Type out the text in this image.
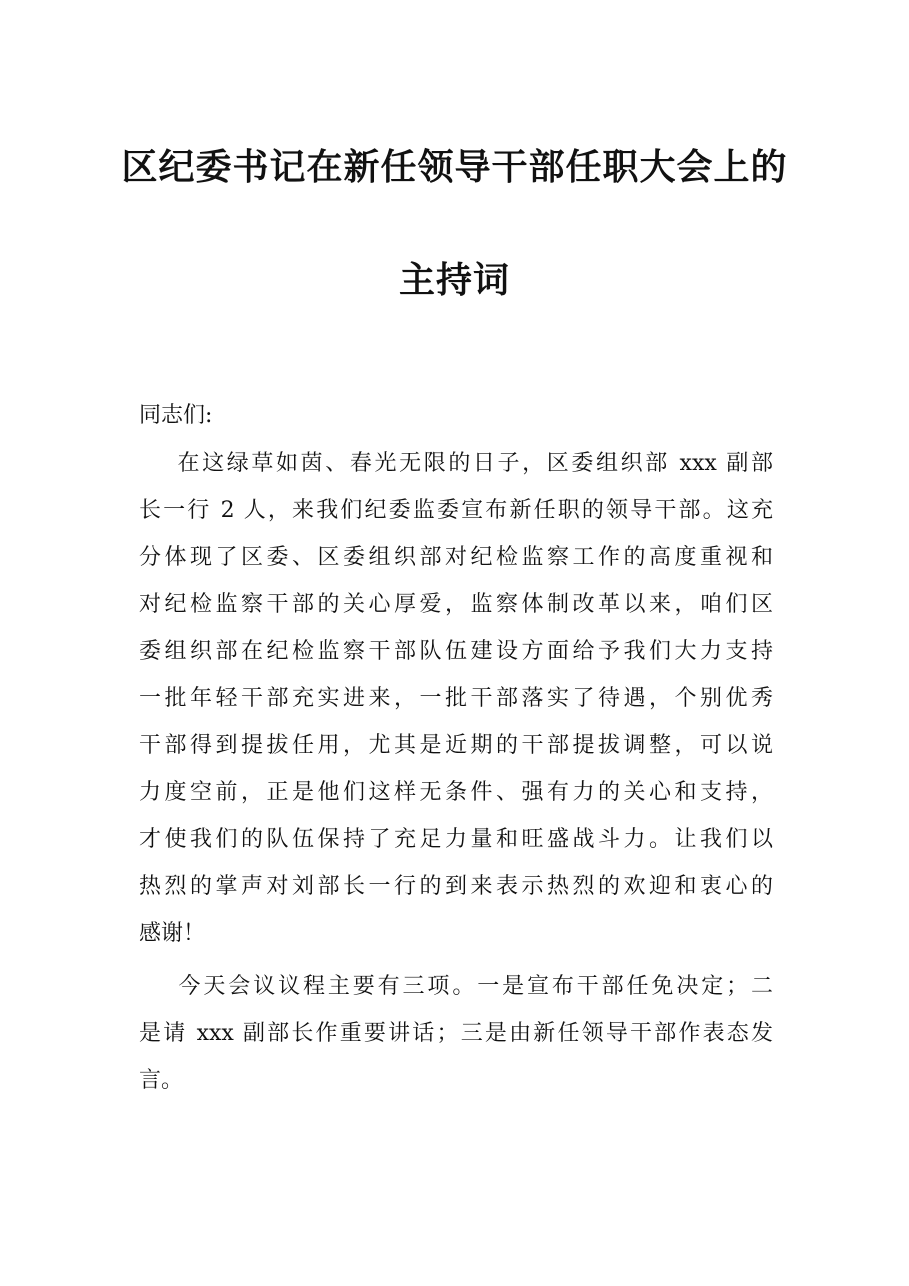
区纪委书记在新任领导干部任职大会上的
主持词
同志们:
在这绿草如茵、春光无限的日子，区委组织部 xxx 副部
长一行 2 人，来我们纪委监委宣布新任职的领导干部。这充
分体现了区委、区委组织部对纪检监察工作的高度重视和
对纪检监察干部的关心厚爱，监察体制改革以来，咱们区
委组织部在纪检监察干部队伍建设方面给予我们大力支持
一批年轻干部充实进来，一批干部落实了待遇，个别优秀
干部得到提拔任用，尤其是近期的干部提拔调整，可以说
力度空前，正是他们这样无条件、强有力的关心和支持，
才使我们的队伍保持了充足力量和旺盛战斗力。让我们以
热烈的掌声对刘部长一行的到来表示热烈的欢迎和衷心的
感谢！
今天会议议程主要有三项。一是宣布干部任免决定；二
是请 xxx 副部长作重要讲话；三是由新任领导干部作表态发
言。
